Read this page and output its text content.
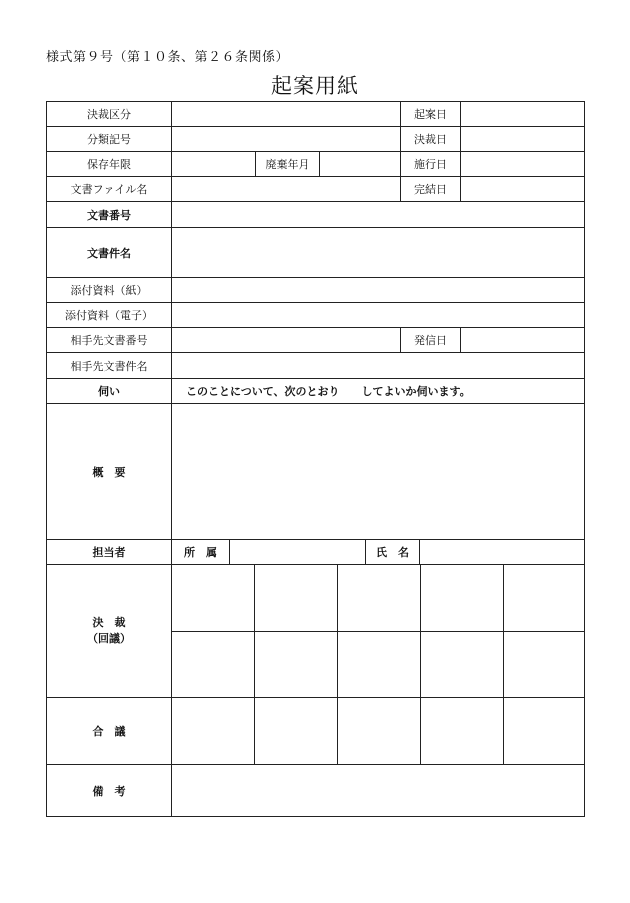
様式第９号（第１０条、第２６条関係）
起案用紙
決裁区分	起案日
分類記号	決裁日
保存年限	廃棄年月	施行日
文書ファイル名	完結日
文書番号
文書件名
添付資料（紙）
添付資料（電子）
相手先文書番号	発信日
相手先文書件名
伺い	このことについて、次のとおり　　してよいか伺います。
概　要
担当者	所　属	氏　名
決　裁
（回議）
合　議
備　考
